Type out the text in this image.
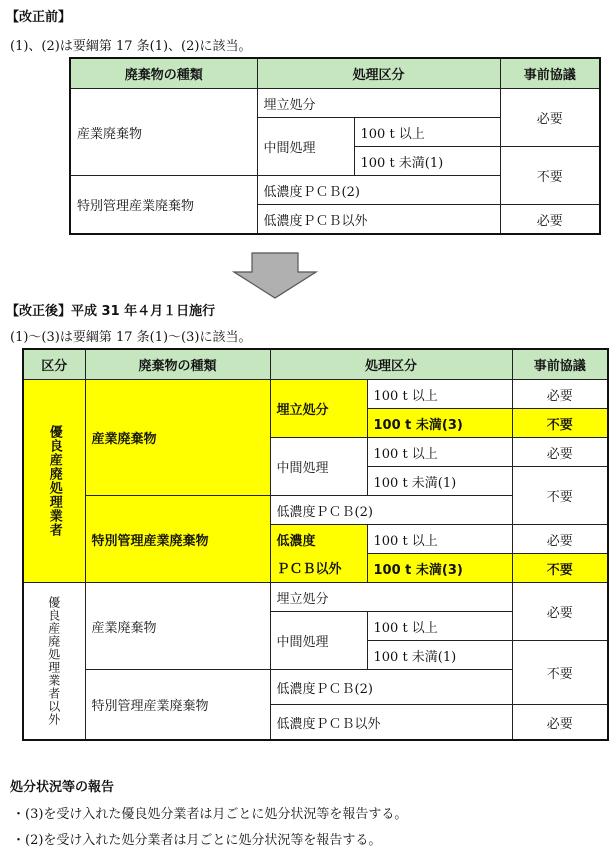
【改正前】
(1)、(2)は要綱第 17 条(1)、(2)に該当。
廃棄物の種類	処理区分		事前協議
産業廃棄物	埋立処分		必要
	中間処理	100 t 以上	
		100 t 未満(1)	不要
特別管理産業廃棄物	低濃度ＰＣＢ(2)		
	低濃度ＰＣＢ以外		必要
【改正後】平成 31 年４月１日施行
(1)～(3)は要綱第 17 条(1)～(3)に該当。
区分	廃棄物の種類	処理区分		事前協議

優良産廃処理業者	産業廃棄物	埋立処分	100 t 以上	必要
			100 t 未満(3)	不要
		中間処理	100 t 以上	必要
			100 t 未満(1)	不要
	特別管理産業廃棄物	低濃度ＰＣＢ(2)		
		低濃度	100 t 以上	必要
		ＰＣＢ以外	100 t 未満(3)	不要

優良産廃処理業者以外	産業廃棄物	埋立処分		必要

		中間処理	100 t 以上	
			100 t 未満(1)	不要
	特別管理産業廃棄物	低濃度ＰＣＢ(2)		
		低濃度ＰＣＢ以外		必要
処分状況等の報告
・(3)を受け入れた優良処分業者は月ごとに処分状況等を報告する。
・(2)を受け入れた処分業者は月ごとに処分状況等を報告する。
